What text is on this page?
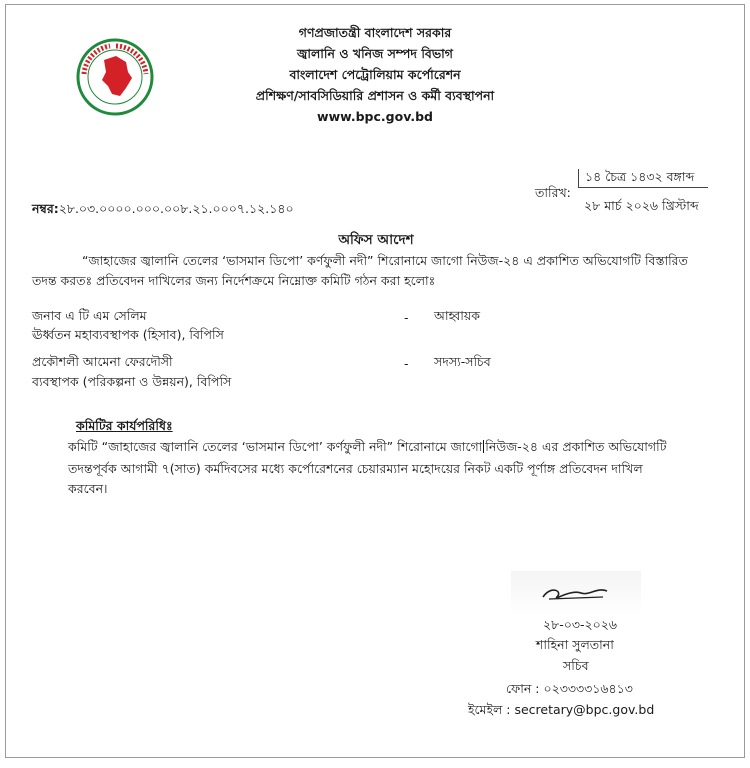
গণপ্রজাতন্ত্রী বাংলাদেশ সরকার
জ্বালানি ও খনিজ সম্পদ বিভাগ
বাংলাদেশ পেট্রোলিয়াম কর্পোরেশন
প্রশিক্ষণ/সাবসিডিয়ারি প্রশাসন ও কর্মী ব্যবস্থাপনা
www.bpc.gov.bd
১৪ চৈত্র ১৪৩২ বঙ্গাব্দ
তারিখ:
২৮ মার্চ ২০২৬ খ্রিস্টাব্দ
নম্বর:২৮.০৩.০০০০.০০০.০০৮.২১.০০০৭.১২.১৪০
অফিস আদেশ
“জাহাজের জ্বালানি তেলের ‘ভাসমান ডিপো’ কর্ণফুলী নদী” শিরোনামে জাগো নিউজ-২৪ এ প্রকাশিত অভিযোগটি বিস্তারিত
তদন্ত করতঃ প্রতিবেদন দাখিলের জন্য নির্দেশক্রমে নিম্নোক্ত কমিটি গঠন করা হলোঃ
জনাব এ টি এম সেলিম
ঊর্ধ্বতন মহাব্যবস্থাপক (হিসাব), বিপিসি
- আহ্বায়ক
প্রকৌশলী আমেনা ফেরদৌসী
ব্যবস্থাপক (পরিকল্পনা ও উন্নয়ন), বিপিসি
- সদস্য-সচিব
কমিটির কার্যপরিধিঃ
কমিটি “জাহাজের জ্বালানি তেলের ‘ভাসমান ডিপো’ কর্ণফুলী নদী” শিরোনামে জাগো নিউজ-২৪ এর প্রকাশিত অভিযোগটি
তদন্তপূর্বক আগামী ৭(সাত) কর্মদিবসের মধ্যে কর্পোরেশনের চেয়ারম্যান মহোদয়ের নিকট একটি পূর্ণাঙ্গ প্রতিবেদন দাখিল
করবেন।
২৮-০৩-২০২৬
শাহিনা সুলতানা
সচিব
ফোন : ০২৩৩৩৩১৬৪১৩
ইমেইল : secretary@bpc.gov.bd
